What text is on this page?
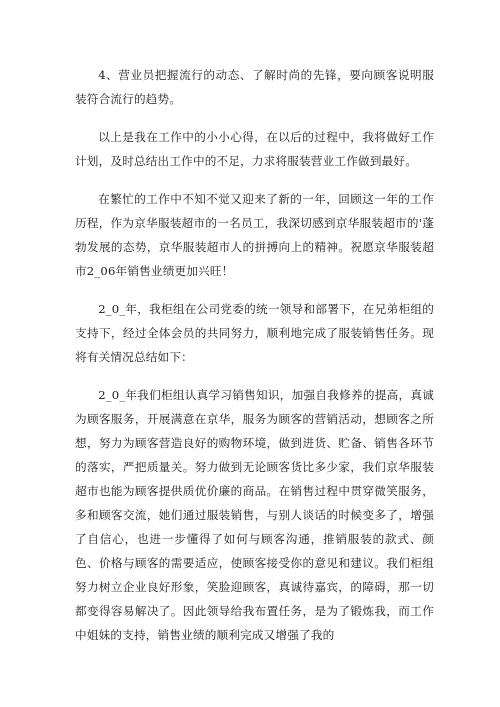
4、营业员把握流行的动态、了解时尚的先锋，要向顾客说明服装符合流行的趋势。

以上是我在工作中的小小心得，在以后的过程中，我将做好工作计划，及时总结出工作中的不足，力求将服装营业工作做到最好。

在繁忙的工作中不知不觉又迎来了新的一年，回顾这一年的工作历程，作为京华服装超市的一名员工，我深切感到京华服装超市的'蓬勃发展的态势，京华服装超市人的拼搏向上的精神。祝愿京华服装超市2_06年销售业绩更加兴旺！

2_0_年，我柜组在公司党委的统一领导和部署下，在兄弟柜组的支持下，经过全体会员的共同努力，顺利地完成了服装销售任务。现将有关情况总结如下：

2_0_年我们柜组认真学习销售知识，加强自我修养的提高，真诚为顾客服务，开展满意在京华，服务为顾客的营销活动，想顾客之所想，努力为顾客营造良好的购物环境，做到进货、贮备、销售各环节的落实，严把质量关。努力做到无论顾客货比多少家，我们京华服装超市也能为顾客提供质优价廉的商品。在销售过程中贯穿微笑服务，多和顾客交流，她们通过服装销售，与别人谈话的时候变多了，增强了自信心，也进一步懂得了如何与顾客沟通，推销服装的款式、颜色、价格与顾客的需要适应，使顾客接受你的意见和建议。我们柜组努力树立企业良好形象，笑脸迎顾客，真诚待嘉宾，的障碍，那一切都变得容易解决了。因此领导给我布置任务，是为了锻炼我，而工作中姐妹的支持，销售业绩的顺利完成又增强了我的
